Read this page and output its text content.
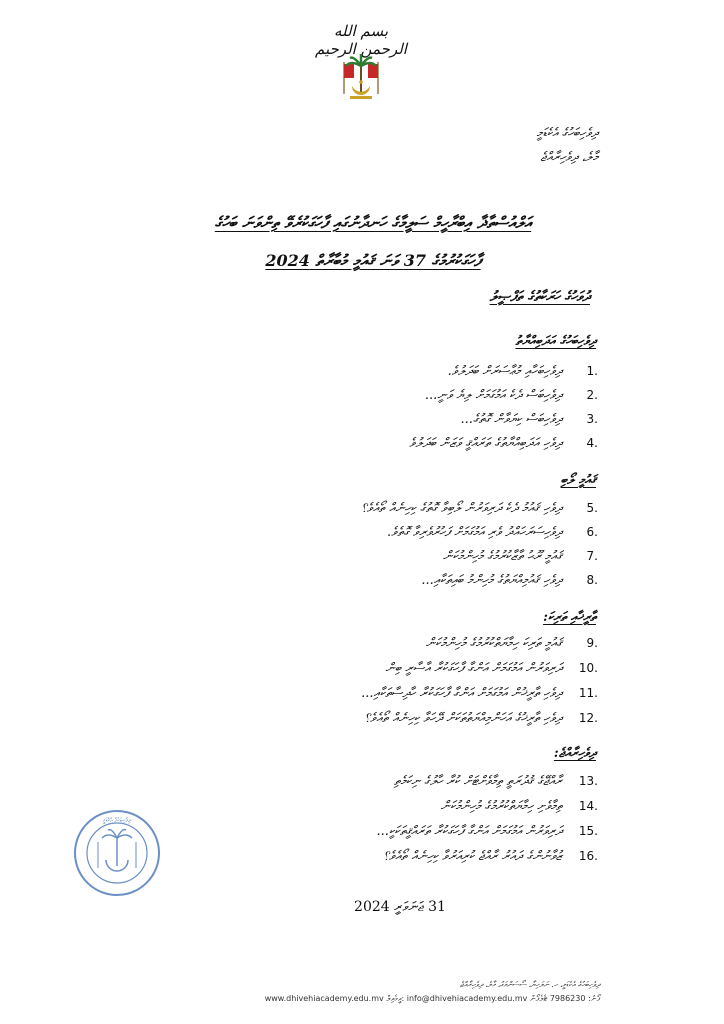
بسم الله الرحمن الرحيم
ދިވެހިބަހުގެ އެކެޑަމީ
މާލެ، ދިވެހިރާއްޖެ
އަލްއުސްތާޛާ އިބްރާހީމް ސަލީމާގެ ހަނދާނުގައި ފާހަގަކުރެވޭ ތިންވަނަ ބަހުގެ
ފާހަގަކުރުމުގެ 37 ވަނަ ޤައުމީ މުބާރާތް 2024
ދުވަހުގެ ހަރަކާތުގެ ތަފްޞީލު
ދިވެހިބަހުގެ އަދަބިއްޔާތު
1.
ދިވެހިބަހާއި މުޢާސަރަށް ބަދަލުވެ.
2.
ދިވެހިބަސް ދެކެ އަމުގަމަށް ލިޔެ ވަނީ...
3.
ދިވެހިބަސް ކިޔަވާން ގޮތުގެ...
4.
ދިވެހި އަދަބިއްޔާތުގެ ތަރައްޤީ ވަޒަން ބަދަލުވެ
ޤައުމީ ލޯބި
5.
ދިވެހި ޤައުމު ދެކެ ދަރިވަރުން ލޯބިވާ ގޮތުގެ ކިހިނެއް ތޯއެވެ؟
6.
ދިވެހިސަރަހައްދު ވެރި އަމުގަމަށް ފަހުރުވެރިވާ ގޮތެވެ.
7.
ޤައުމީ ރޫޙު ތާޒާކުރުމުގެ މުހިންމުކަން
8.
ދިވެހި ޤައުމިއްޔަތުގެ މުހިންމު ބައިތަކާއި...
ތާރީޚާއި ތަރިކަ:
9.
ޤައުމީ ތަރިކަ ހިމާޔަތްކުރުމުގެ މުހިންމުކަން
10.
ދަރިވަރުން އަމުގަމަށް އަންގާ ފާހަގަކުރާ އާސާރީ ބިން
11.
ދިވެހި ތާރީޚުން އަމުގަމަށް އަންގާ ފާހަގަކުރާ ހާދިސާތަކާއި...
12.
ދިވެހި ތާރީޚުގެ އަހަންމިއްޔަތުތަކަށް ދޭހަވާ ކިހިނެއް ތޯއެވެ؟
ދިވެހިރާއްޖެ:
13.
ރާއްޖޭގެ ޤުދުރަތީ ތިމާވެށްޓަށް ކުރާ ހާލުގެ ނިކަމެތި
14.
ތިމާވެށި ހިމާޔަތްކުރުމުގެ މުހިންމުކަން
15.
ދަރިވަރުން އަމުގަމަށް އަންގާ ފާހަގަކުރާ ތަރައްޤީތަކަކީ...
16.
ޒުވާނުންގެ ދައުރު ރާއްޖެ ކުރިއަރުވާ ކިހިނެއް ތޯއެވެ؟
ދިވެހިބަހުގެ އެކެޑަމީ
31 ޖަނަވަރީ 2024
ދިވެހިބަހުގެ އެކެޑަމީ، ހ. ނަލަހިޔާ، ސޯސަންމަގު، މާލެ، ދިވެހިރާއްޖެ
www.dhivehiacademy.edu.mv އީމެއިލް: info@dhivehiacademy.edu.mv	ފޯނު: 7986230 ޓެލެފޯން
